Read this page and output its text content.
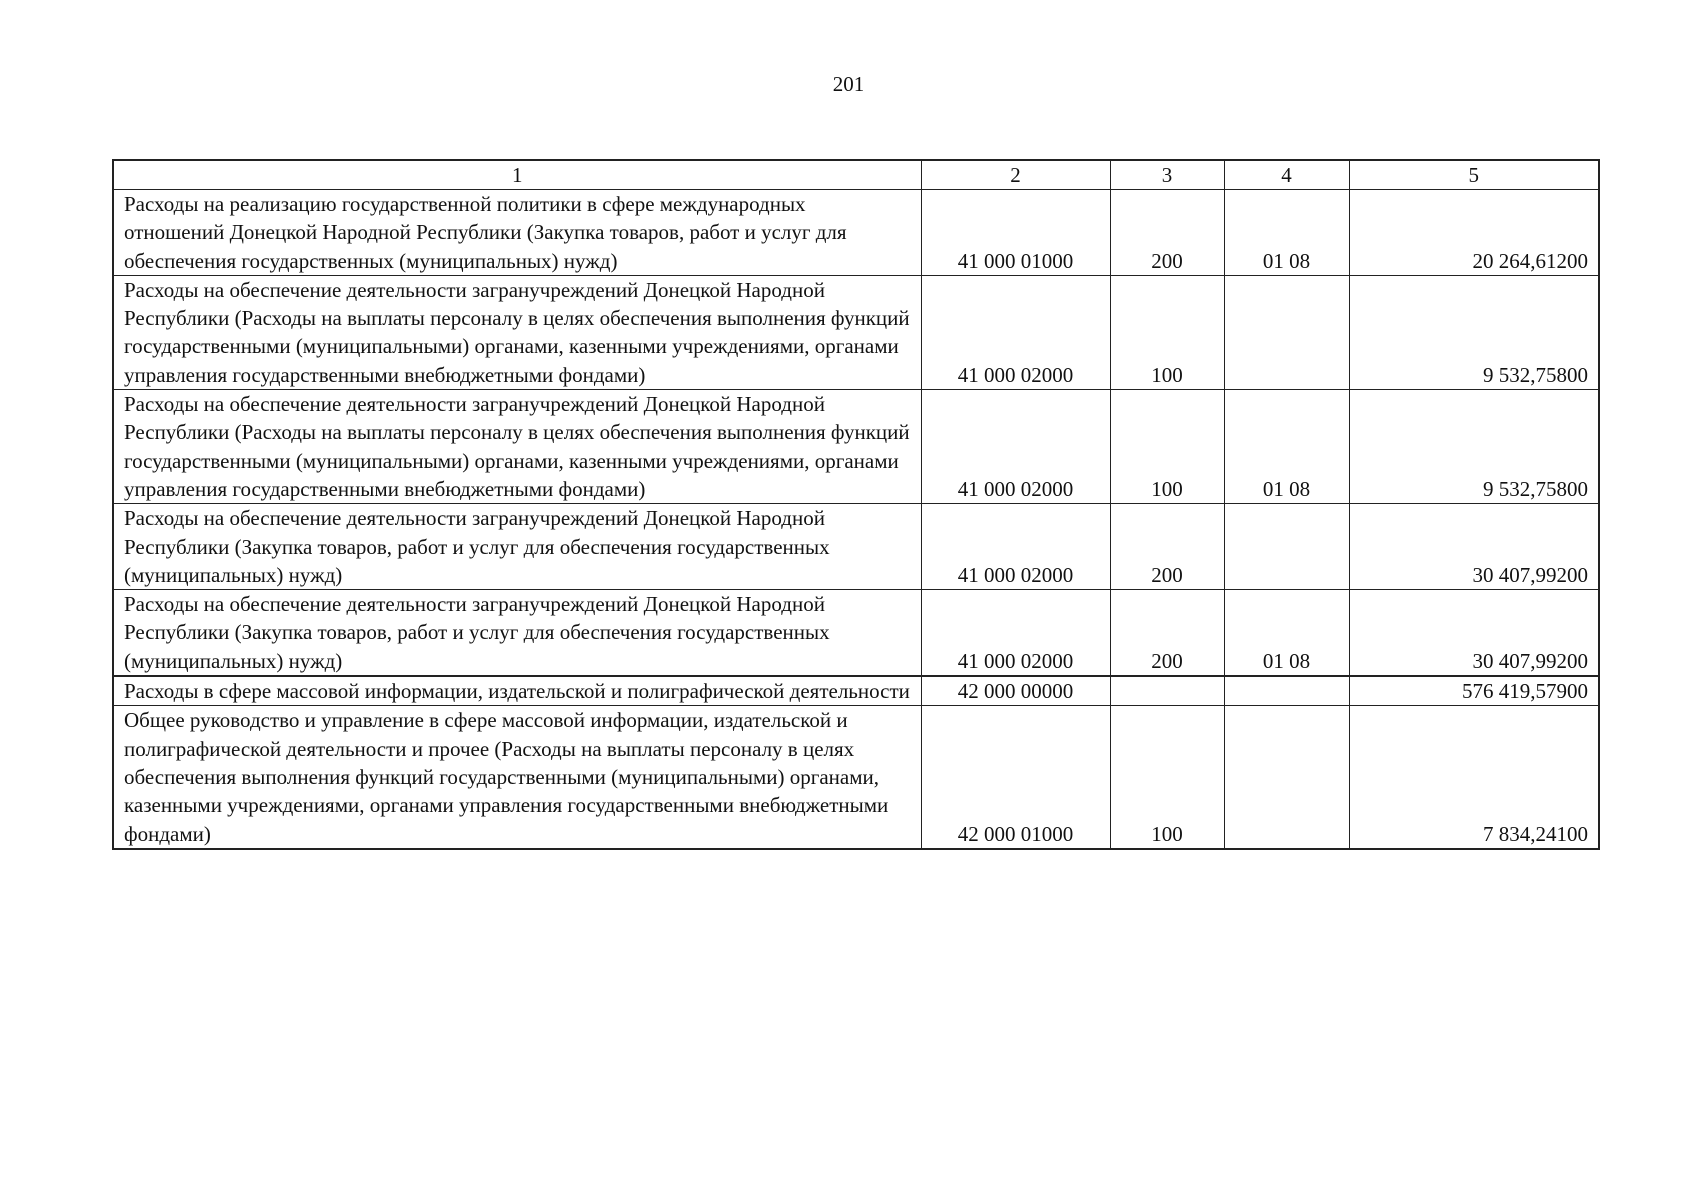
201
1	2	3	4	5
Расходы на реализацию государственной политики в сфере международных отношений Донецкой Народной Республики (Закупка товаров, работ и услуг для обеспечения государственных (муниципальных) нужд)	41 000 01000	200	01 08	20 264,61200
Расходы на обеспечение деятельности загранучреждений Донецкой Народной Республики (Расходы на выплаты персоналу в целях обеспечения выполнения функций государственными (муниципальными) органами, казенными учреждениями, органами управления государственными внебюджетными фондами)	41 000 02000	100		9 532,75800
Расходы на обеспечение деятельности загранучреждений Донецкой Народной Республики (Расходы на выплаты персоналу в целях обеспечения выполнения функций государственными (муниципальными) органами, казенными учреждениями, органами управления государственными внебюджетными фондами)	41 000 02000	100	01 08	9 532,75800
Расходы на обеспечение деятельности загранучреждений Донецкой Народной Республики (Закупка товаров, работ и услуг для обеспечения государственных (муниципальных) нужд)	41 000 02000	200		30 407,99200
Расходы на обеспечение деятельности загранучреждений Донецкой Народной Республики (Закупка товаров, работ и услуг для обеспечения государственных (муниципальных) нужд)	41 000 02000	200	01 08	30 407,99200
Расходы в сфере массовой информации, издательской и полиграфической деятельности	42 000 00000			576 419,57900
Общее руководство и управление в сфере массовой информации, издательской и полиграфической деятельности и прочее (Расходы на выплаты персоналу в целях обеспечения выполнения функций государственными (муниципальными) органами, казенными учреждениями, органами управления государственными внебюджетными фондами)	42 000 01000	100		7 834,24100
